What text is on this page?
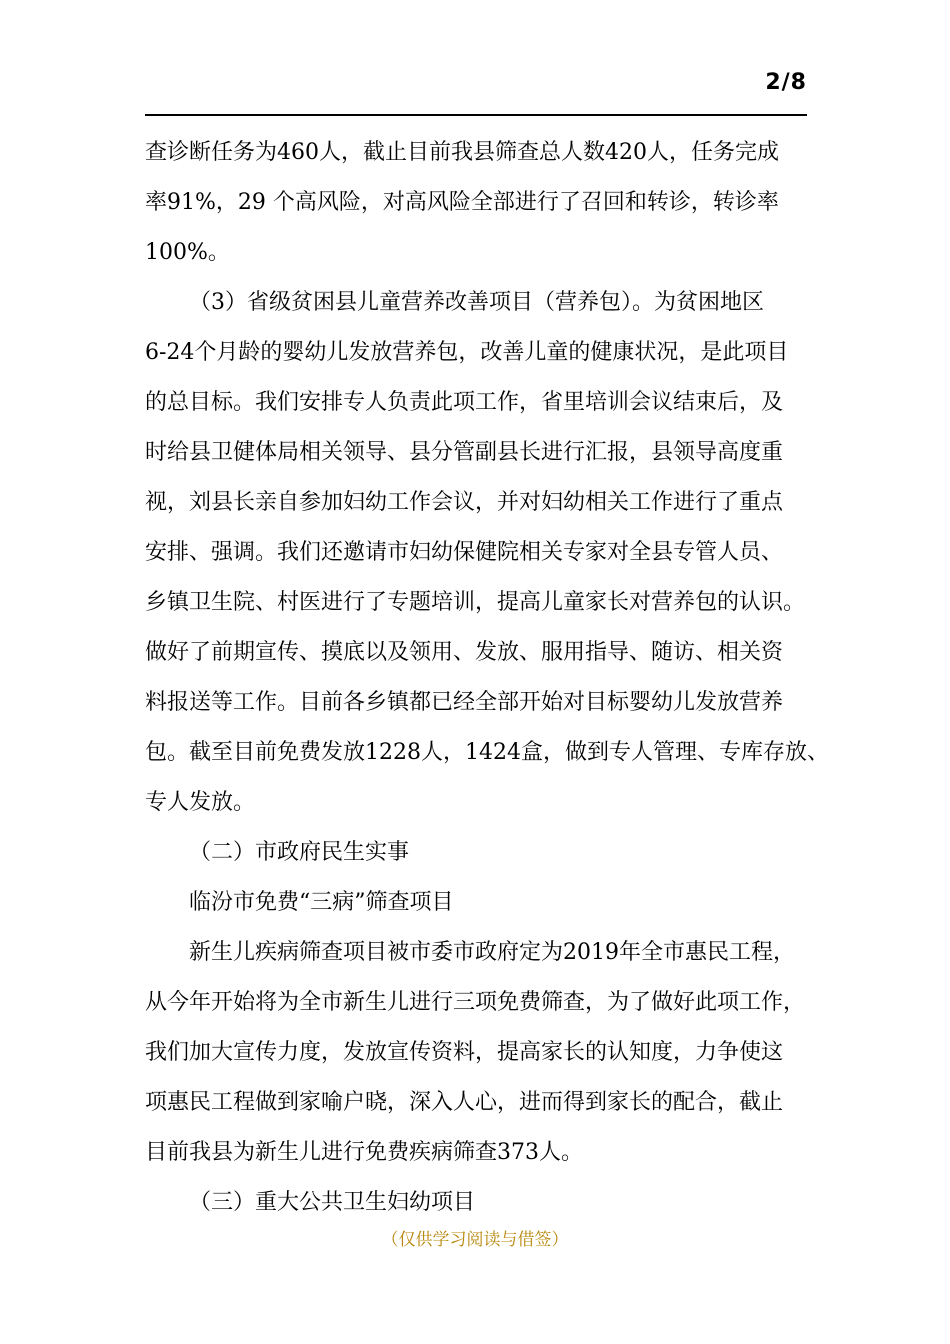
2/8
查诊断任务为460人，截止目前我县筛查总人数420人，任务完成
率91%，29 个高风险，对高风险全部进行了召回和转诊，转诊率
100%。
（3）省级贫困县儿童营养改善项目（营养包）。为贫困地区
6-24个月龄的婴幼儿发放营养包，改善儿童的健康状况，是此项目
的总目标。我们安排专人负责此项工作，省里培训会议结束后，及
时给县卫健体局相关领导、县分管副县长进行汇报，县领导高度重
视，刘县长亲自参加妇幼工作会议，并对妇幼相关工作进行了重点
安排、强调。我们还邀请市妇幼保健院相关专家对全县专管人员、
乡镇卫生院、村医进行了专题培训，提高儿童家长对营养包的认识。
做好了前期宣传、摸底以及领用、发放、服用指导、随访、相关资
料报送等工作。目前各乡镇都已经全部开始对目标婴幼儿发放营养
包。截至目前免费发放1228人，1424盒，做到专人管理、专库存放、
专人发放。
（二）市政府民生实事
临汾市免费“三病”筛查项目
新生儿疾病筛查项目被市委市政府定为2019年全市惠民工程，
从今年开始将为全市新生儿进行三项免费筛查，为了做好此项工作，
我们加大宣传力度，发放宣传资料，提高家长的认知度，力争使这
项惠民工程做到家喻户晓，深入人心，进而得到家长的配合，截止
目前我县为新生儿进行免费疾病筛查373人。
（三）重大公共卫生妇幼项目
（仅供学习阅读与借签）
